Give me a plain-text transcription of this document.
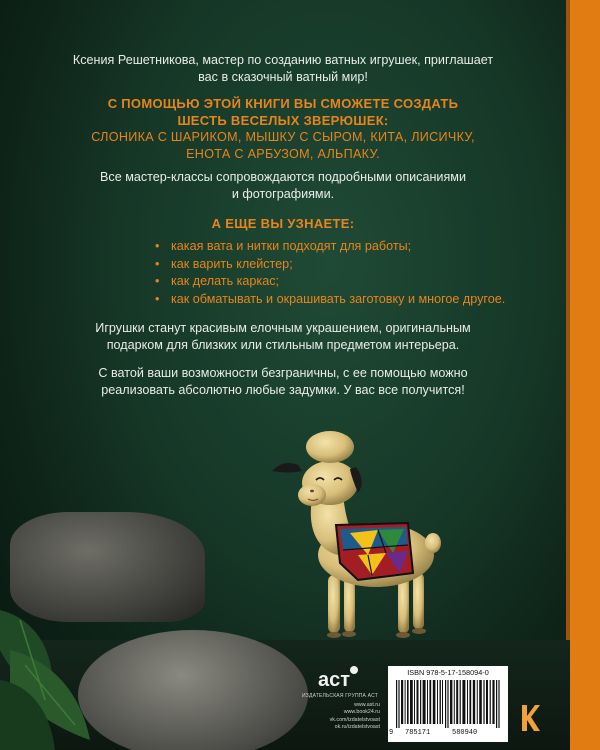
Ксения Решетникова, мастер по созданию ватных игрушек, приглашает
вас в сказочный ватный мир!
С ПОМОЩЬЮ ЭТОЙ КНИГИ ВЫ СМОЖЕТЕ СОЗДАТЬ
ШЕСТЬ ВЕСЕЛЫХ ЗВЕРЮШЕК:
СЛОНИКА С ШАРИКОМ, МЫШКУ С СЫРОМ, КИТА, ЛИСИЧКУ,
ЕНОТА С АРБУЗОМ, АЛЬПАКУ.
Все мастер-классы сопровождаются подробными описаниями
и фотографиями.
А ЕЩЕ ВЫ УЗНАЕТЕ:
• какая вата и нитки подходят для работы;
• как варить клейстер;
• как делать каркас;
• как обматывать и окрашивать заготовку и многое другое.
Игрушки станут красивым елочным украшением, оригинальным
подарком для близких или стильным предметом интерьера.
С ватой ваши возможности безграничны, с ее помощью можно
реализовать абсолютно любые задумки. У вас все получится!
аст
ИЗДАТЕЛЬСКАЯ ГРУППА АСТ
www.ast.ru
www.book24.ru
vk.com/izdatelstvoast
ok.ru/izdatelstvoast
ISBN 978-5-17-158094-0
9 785171	580940
